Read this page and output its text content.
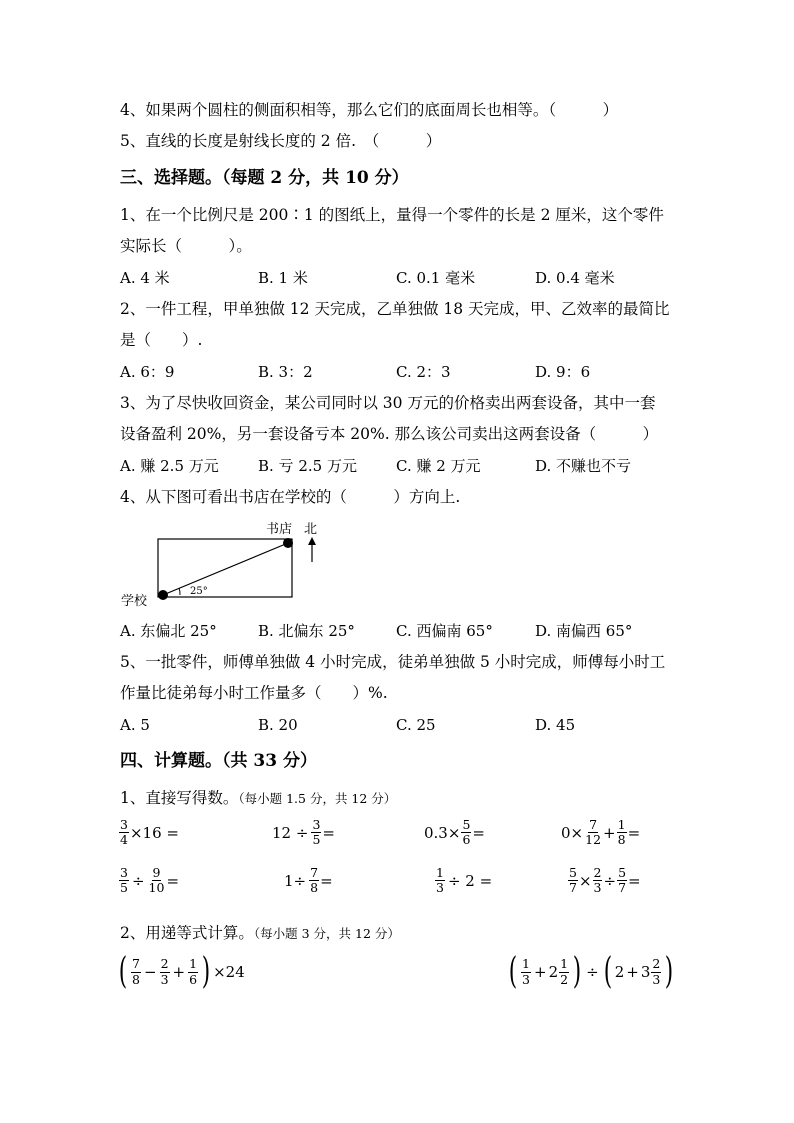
4、如果两个圆柱的侧面积相等，那么它们的底面周长也相等。（　　　）
5、直线的长度是射线长度的 2 倍.　（　　　）
三、选择题。（每题 2 分，共 10 分）
1、在一个比例尺是 200∶1 的图纸上，量得一个零件的长是 2 厘米，这个零件
实际长（　　　）。
A. 4 米	B. 1 米	C. 0.1 毫米	D. 0.4 毫米
2、一件工程，甲单独做 12 天完成，乙单独做 18 天完成，甲、乙效率的最简比
是（　　）.
A. 6：9	B. 3：2	C. 2：3	D. 9：6
3、为了尽快收回资金，某公司同时以 30 万元的价格卖出两套设备，其中一套
设备盈利 20%，另一套设备亏本 20%. 那么该公司卖出这两套设备（　　　）
A. 赚 2.5 万元	B. 亏 2.5 万元	C. 赚 2 万元	D. 不赚也不亏
4、从下图可看出书店在学校的（　　　）方向上.
25°
书店 北
学校
A. 东偏北 25°	B. 北偏东 25°	C. 西偏南 65°	D. 南偏西 65°
5、一批零件，师傅单独做 4 小时完成，徒弟单独做 5 小时完成，师傅每小时工
作量比徒弟每小时工作量多（　　）%.
A. 5	B. 20	C. 25	D. 45
四、计算题。（共 33 分）
1、直接写得数。（每小题 1.5 分，共 12 分）
$\frac{3}{4} \times 16$ =	$12 \div \frac{3}{5}$ =	$0.3\times \frac{5}{6}$ =	$0\times \frac{7}{12} + \frac{1}{8}$ =
$\frac{3}{5} \div \frac{9}{10}$ =	$1\div \frac{7}{8}$ =	$\frac{1}{3} \div 2$ =	$\frac{5}{7} \times \frac{2}{3} \div \frac{5}{7}$ =
2、用递等式计算。（每小题 3 分，共 12 分）
( 7
$8 - \frac{2}{3} + \frac{1}{6}$ ) ×24	( 1
3 + 2 1
2 ) ÷ ( 2 + 3 2
3 )
